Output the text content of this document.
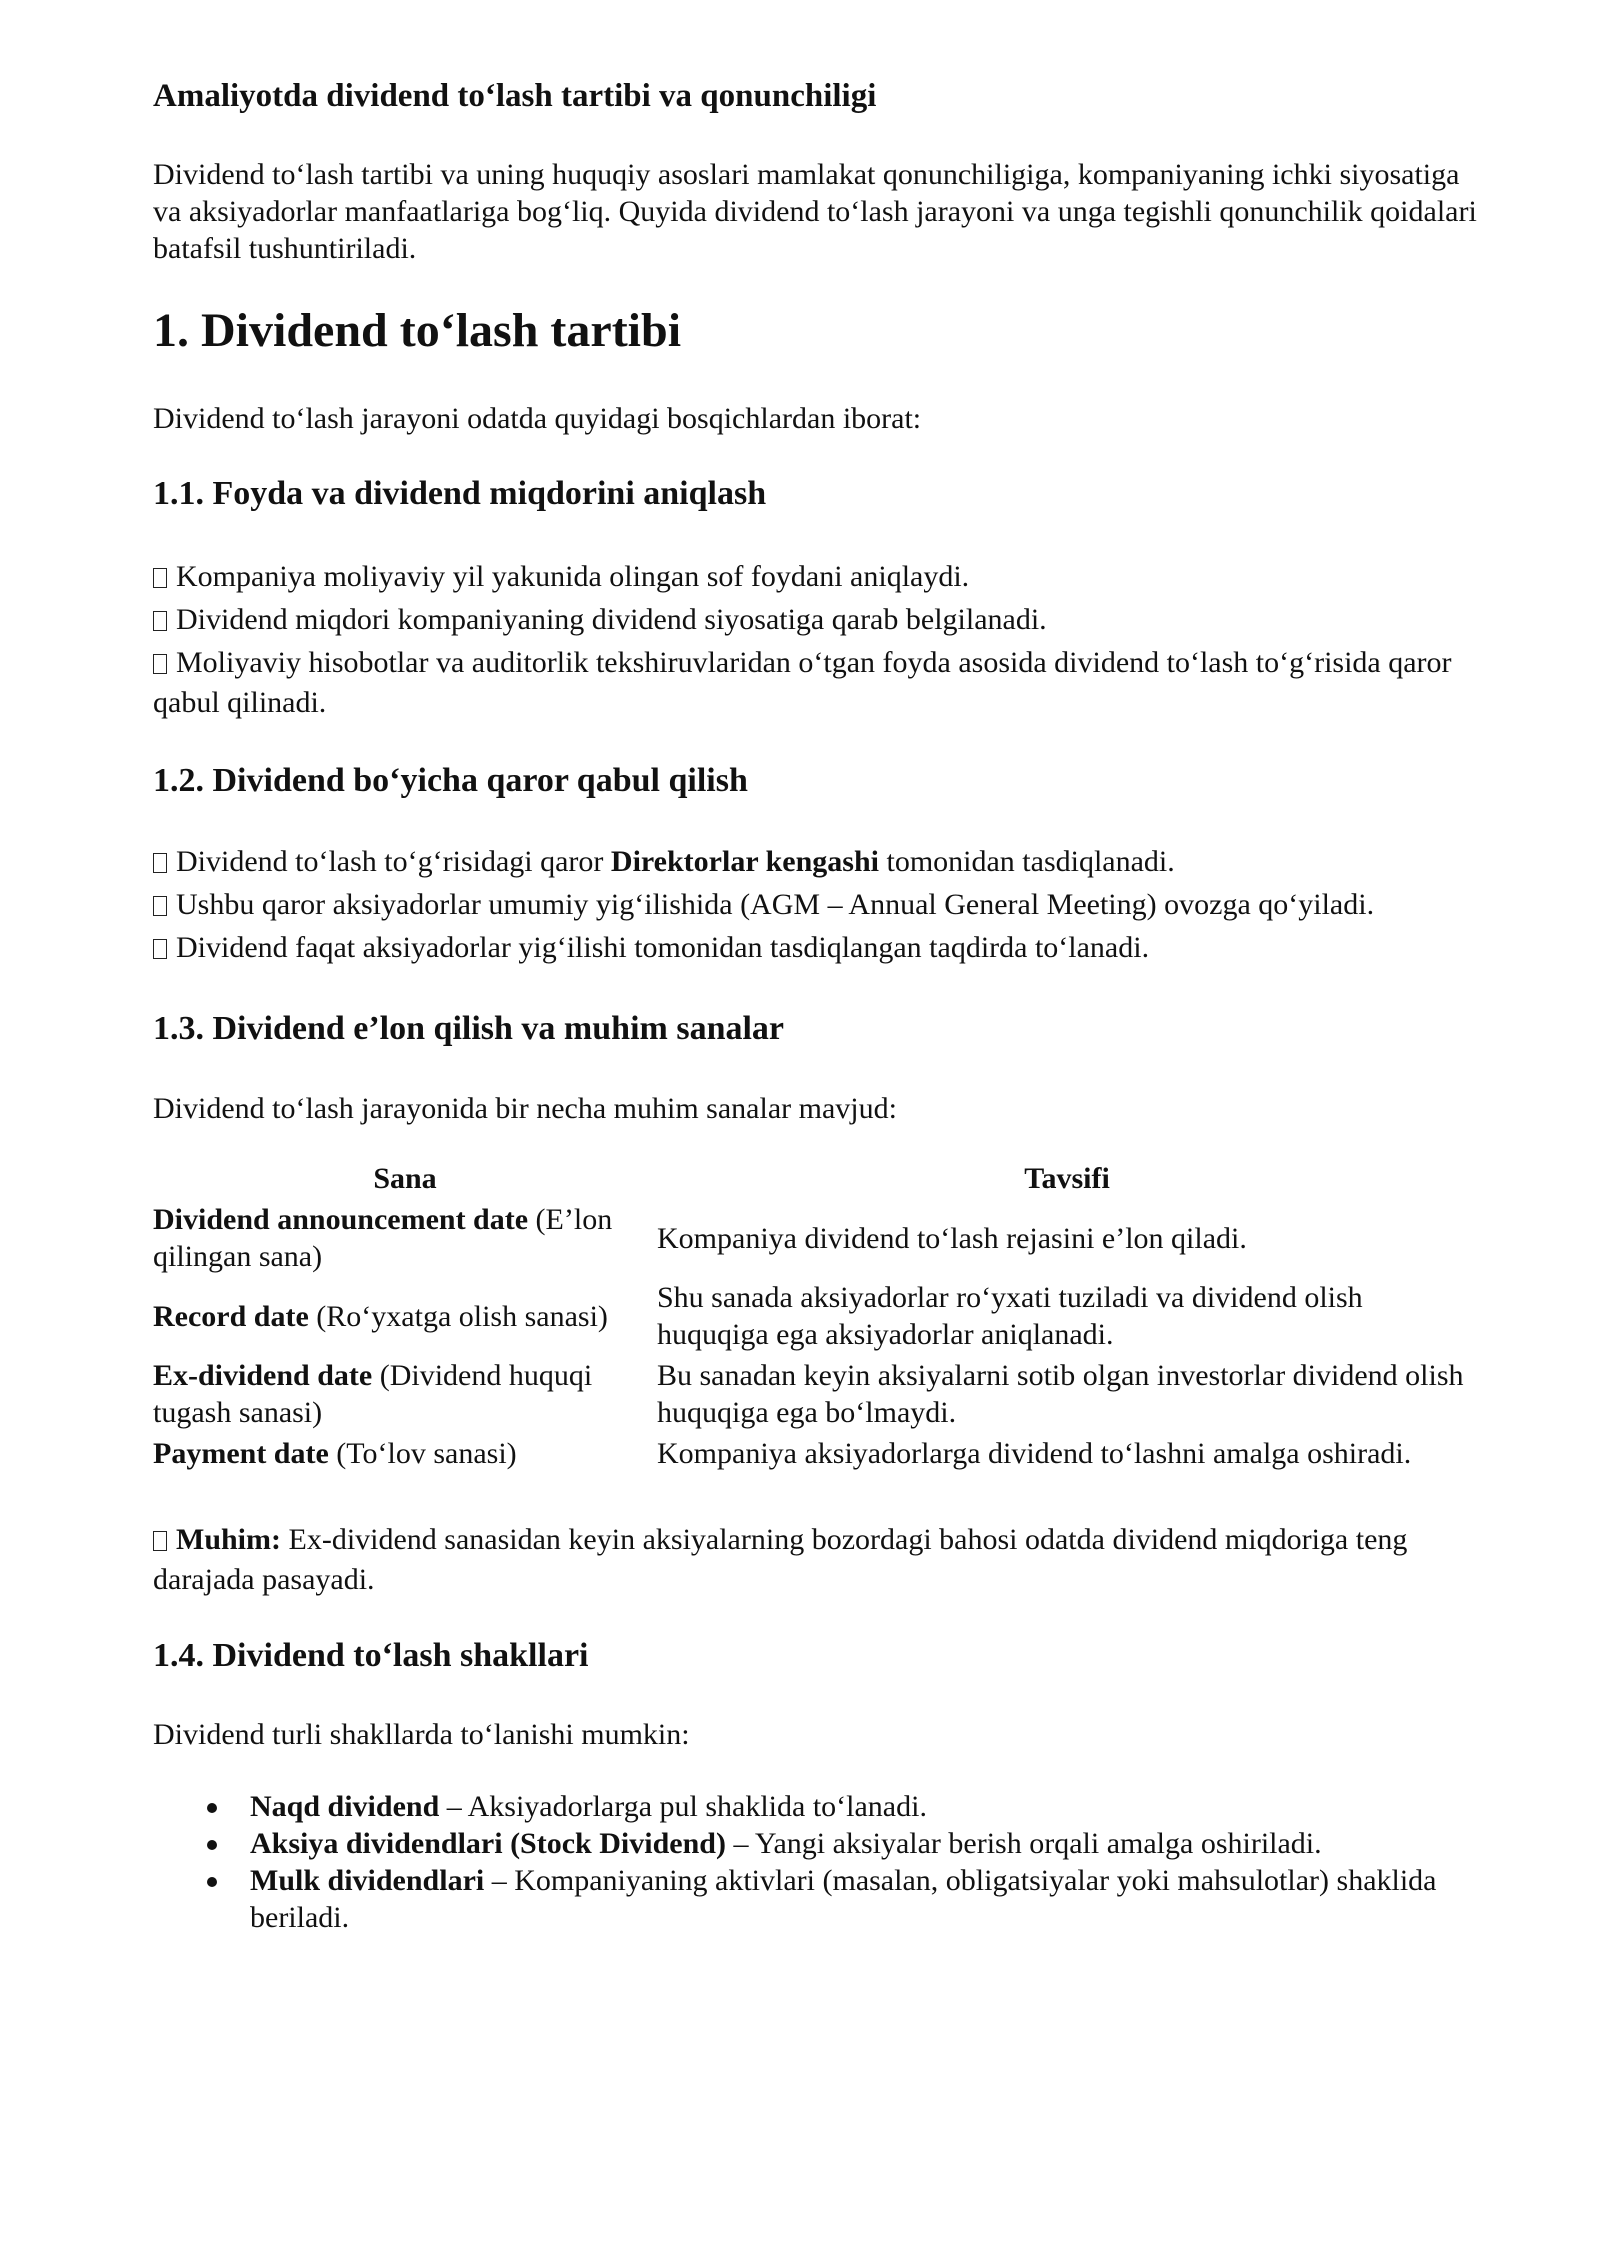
Amaliyotda dividend to‘lash tartibi va qonunchiligi

Dividend to‘lash tartibi va uning huquqiy asoslari mamlakat qonunchiligiga, kompaniyaning ichki siyosatiga va aksiyadorlar manfaatlariga bog‘liq. Quyida dividend to‘lash jarayoni va unga tegishli qonunchilik qoidalari batafsil tushuntiriladi.

1. Dividend to‘lash tartibi

Dividend to‘lash jarayoni odatda quyidagi bosqichlardan iborat:

1.1. Foyda va dividend miqdorini aniqlash
Kompaniya moliyaviy yil yakunida olingan sof foydani aniqlaydi.
Dividend miqdori kompaniyaning dividend siyosatiga qarab belgilanadi.
Moliyaviy hisobotlar va auditorlik tekshiruvlaridan o‘tgan foyda asosida dividend to‘lash to‘g‘risida qaror qabul qilinadi.
1.2. Dividend bo‘yicha qaror qabul qilish
Dividend to‘lash to‘g‘risidagi qaror Direktorlar kengashi tomonidan tasdiqlanadi.
Ushbu qaror aksiyadorlar umumiy yig‘ilishida (AGM – Annual General Meeting) ovozga qo‘yiladi.
Dividend faqat aksiyadorlar yig‘ilishi tomonidan tasdiqlangan taqdirda to‘lanadi.
1.3. Dividend e’lon qilish va muhim sanalar

Dividend to‘lash jarayonida bir necha muhim sanalar mavjud:

Sana	Tavsifi
Dividend announcement date (E’lon qilingan sana)	Kompaniya dividend to‘lash rejasini e’lon qiladi.
Record date (Ro‘yxatga olish sanasi)	Shu sanada aksiyadorlar ro‘yxati tuziladi va dividend olish huquqiga ega aksiyadorlar aniqlanadi.
Ex-dividend date (Dividend huquqi tugash sanasi)	Bu sanadan keyin aksiyalarni sotib olgan investorlar dividend olish huquqiga ega bo‘lmaydi.
Payment date (To‘lov sanasi)	Kompaniya aksiyadorlarga dividend to‘lashni amalga oshiradi.

Muhim: Ex-dividend sanasidan keyin aksiyalarning bozordagi bahosi odatda dividend miqdoriga teng darajada pasayadi.

1.4. Dividend to‘lash shakllari

Dividend turli shakllarda to‘lanishi mumkin:

Naqd dividend – Aksiyadorlarga pul shaklida to‘lanadi.
Aksiya dividendlari (Stock Dividend) – Yangi aksiyalar berish orqali amalga oshiriladi.
Mulk dividendlari – Kompaniyaning aktivlari (masalan, obligatsiyalar yoki mahsulotlar) shaklida beriladi.
